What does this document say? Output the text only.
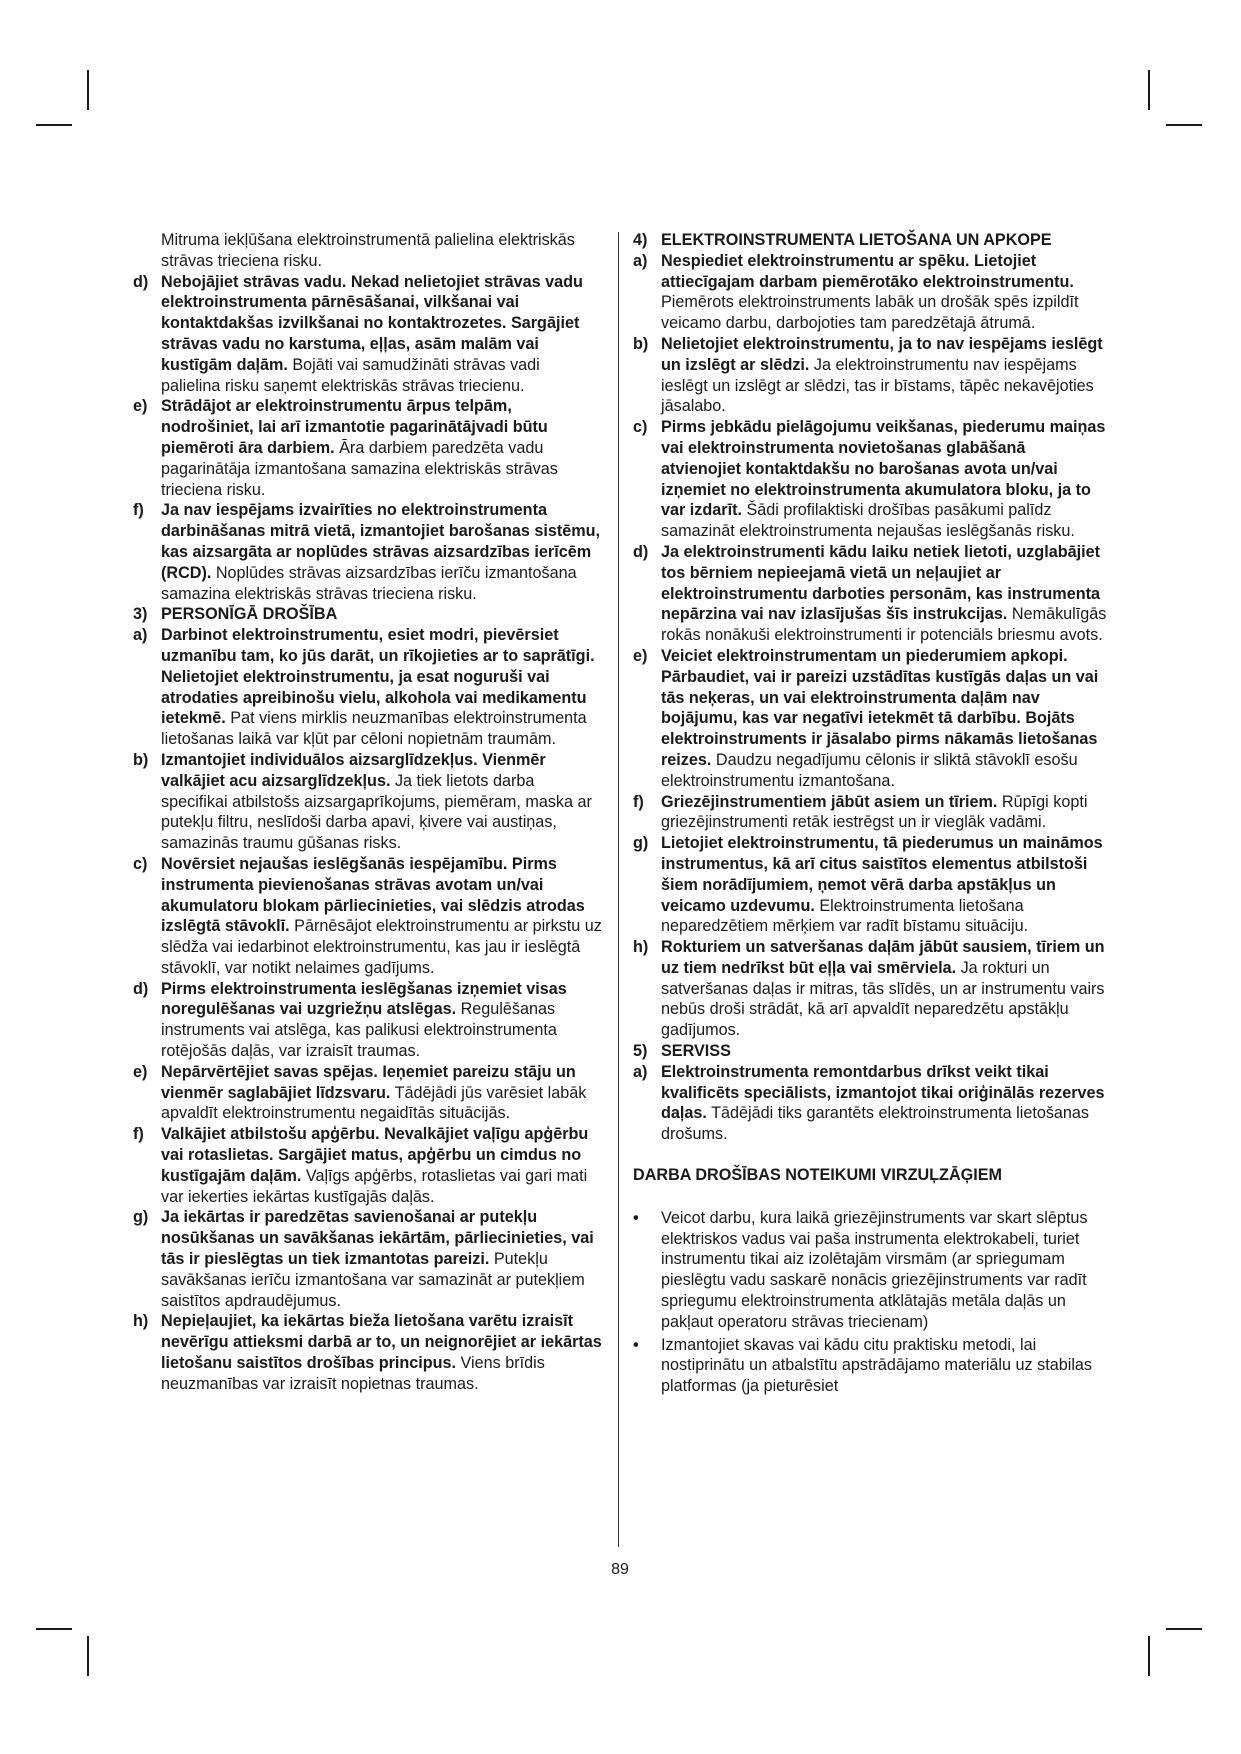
Mitruma iekļūšana elektroinstrumentā palielina elektriskās strāvas trieciena risku.
d) Nebojājiet strāvas vadu. Nekad nelietojiet strāvas vadu elektroinstrumenta pārnēsāšanai, vilkšanai vai kontaktdakšas izvilkšanai no kontaktrozetes. Sargājiet strāvas vadu no karstuma, eļļas, asām malām vai kustīgām daļām. Bojāti vai samudžināti strāvas vadi palielina risku saņemt elektriskās strāvas triecienu.
e) Strādājot ar elektroinstrumentu ārpus telpām, nodrošiniet, lai arī izmantotie pagarinātājvadi būtu piemēroti āra darbiem. Āra darbiem paredzēta vadu pagarinātāja izmantošana samazina elektriskās strāvas trieciena risku.
f) Ja nav iespējams izvairīties no elektroinstrumenta darbināšanas mitrā vietā, izmantojiet barošanas sistēmu, kas aizsargāta ar noplūdes strāvas aizsardzības ierīcēm (RCD). Noplūdes strāvas aizsardzības ierīču izmantošana samazina elektriskās strāvas trieciena risku.
3) PERSONĪGĀ DROŠĪBA
a) Darbinot elektroinstrumentu, esiet modri, pievērsiet uzmanību tam, ko jūs darāt, un rīkojieties ar to saprātīgi. Nelietojiet elektroinstrumentu, ja esat noguruši vai atrodaties apreibinošu vielu, alkohola vai medikamentu ietekmē. Pat viens mirklis neuzmanības elektroinstrumenta lietošanas laikā var kļūt par cēloni nopietnām traumām.
b) Izmantojiet individuālos aizsarglīdzekļus. Vienmēr valkājiet acu aizsarglīdzekļus. Ja tiek lietots darba specifikai atbilstošs aizsargaprīkojums, piemēram, maska ar putekļu filtru, neslīdoši darba apavi, ķivere vai austiņas, samazinās traumu gūšanas risks.
c) Novērsiet nejaušas ieslēgšanās iespējamību. Pirms instrumenta pievienošanas strāvas avotam un/vai akumulatoru blokam pārliecinieties, vai slēdzis atrodas izslēgtā stāvoklī. Pārnēsājot elektroinstrumentu ar pirkstu uz slēdža vai iedarbinot elektroinstrumentu, kas jau ir ieslēgtā stāvoklī, var notikt nelaimes gadījums.
d) Pirms elektroinstrumenta ieslēgšanas izņemiet visas noregulēšanas vai uzgriežņu atslēgas. Regulēšanas instruments vai atslēga, kas palikusi elektroinstrumenta rotējošās daļās, var izraisīt traumas.
e) Nepārvērtējiet savas spējas. Ieņemiet pareizu stāju un vienmēr saglabājiet līdzsvaru. Tādējādi jūs varēsiet labāk apvaldīt elektroinstrumentu negaidītās situācijās.
f) Valkājiet atbilstošu apģērbu. Nevalkājiet vaļīgu apģērbu vai rotaslietas. Sargājiet matus, apģērbu un cimdus no kustīgajām daļām. Vaļīgs apģērbs, rotaslietas vai gari mati var iekerties iekārtas kustīgajās daļās.
g) Ja iekārtas ir paredzētas savienošanai ar putekļu nosūkšanas un savākšanas iekārtām, pārliecinieties, vai tās ir pieslēgtas un tiek izmantotas pareizi. Putekļu savākšanas ierīču izmantošana var samazināt ar putekļiem saistītos apdraudējumus.
h) Nepieļaujiet, ka iekārtas bieža lietošana varētu izraisīt nevērīgu attieksmi darbā ar to, un neignorējiet ar iekārtas lietošanu saistītos drošības principus. Viens brīdis neuzmanības var izraisīt nopietnas traumas.
4) ELEKTROINSTRUMENTA LIETOŠANA UN APKOPE
a) Nespiediet elektroinstrumentu ar spēku. Lietojiet attiecīgajam darbam piemērotāko elektroinstrumentu. Piemērots elektroinstruments labāk un drošāk spēs izpildīt veicamo darbu, darbojoties tam paredzētajā ātrumā.
b) Nelietojiet elektroinstrumentu, ja to nav iespējams ieslēgt un izslēgt ar slēdzi. Ja elektroinstrumentu nav iespējams ieslēgt un izslēgt ar slēdzi, tas ir bīstams, tāpēc nekavējoties jāsalabo.
c) Pirms jebkādu pielāgojumu veikšanas, piederumu maiņas vai elektroinstrumenta novietošanas glabāšanā atvienojiet kontaktdakšu no barošanas avota un/vai izņemiet no elektroinstrumenta akumulatora bloku, ja to var izdarīt. Šādi profilaktiski drošības pasākumi palīdz samazināt elektroinstrumenta nejaušas ieslēgšanās risku.
d) Ja elektroinstrumenti kādu laiku netiek lietoti, uzglabājiet tos bērniem nepieejamā vietā un neļaujiet ar elektroinstrumentu darboties personām, kas instrumenta nepārzina vai nav izlasījušas šīs instrukcijas. Nemākulīgās rokās nonākuši elektroinstrumenti ir potenciāls briesmu avots.
e) Veiciet elektroinstrumentam un piederumiem apkopi. Pārbaudiet, vai ir pareizi uzstādītas kustīgās daļas un vai tās neķeras, un vai elektroinstrumenta daļām nav bojājumu, kas var negatīvi ietekmēt tā darbību. Bojāts elektroinstruments ir jāsalabo pirms nākamās lietošanas reizes. Daudzu negadījumu cēlonis ir sliktā stāvoklī esošu elektroinstrumentu izmantošana.
f) Griezējinstrumentiem jābūt asiem un tīriem. Rūpīgi kopti griezējinstrumenti retāk iestrēgst un ir vieglāk vadāmi.
g) Lietojiet elektroinstrumentu, tā piederumus un maināmos instrumentus, kā arī citus saistītos elementus atbilstoši šiem norādījumiem, ņemot vērā darba apstākļus un veicamo uzdevumu. Elektroinstrumenta lietošana neparedzētiem mērķiem var radīt bīstamu situāciju.
h) Rokturiem un satveršanas daļām jābūt sausiem, tīriem un uz tiem nedrīkst būt eļļa vai smērviela. Ja rokturi un satveršanas daļas ir mitras, tās slīdēs, un ar instrumentu vairs nebūs droši strādāt, kā arī apvaldīt neparedzētu apstākļu gadījumos.
5) SERVISS
a) Elektroinstrumenta remontdarbus drīkst veikt tikai kvalificēts speciālists, izmantojot tikai oriģinālās rezerves daļas. Tādējādi tiks garantēts elektroinstrumenta lietošanas drošums.
DARBA DROŠĪBAS NOTEIKUMI VIRZUĻZĀĢIEM
• Veicot darbu, kura laikā griezējinstruments var skart slēptus elektriskos vadus vai paša instrumenta elektrokabeli, turiet instrumentu tikai aiz izolētajām virsmām (ar spriegumam pieslēgtu vadu saskarē nonācis griezējinstruments var radīt spriegumu elektroinstrumenta atklātajās metāla daļās un pakļaut operatoru strāvas triecienam)
• Izmantojiet skavas vai kādu citu praktisku metodi, lai nostiprinātu un atbalstītu apstrādājamo materiālu uz stabilas platformas (ja pieturēsiet
89
